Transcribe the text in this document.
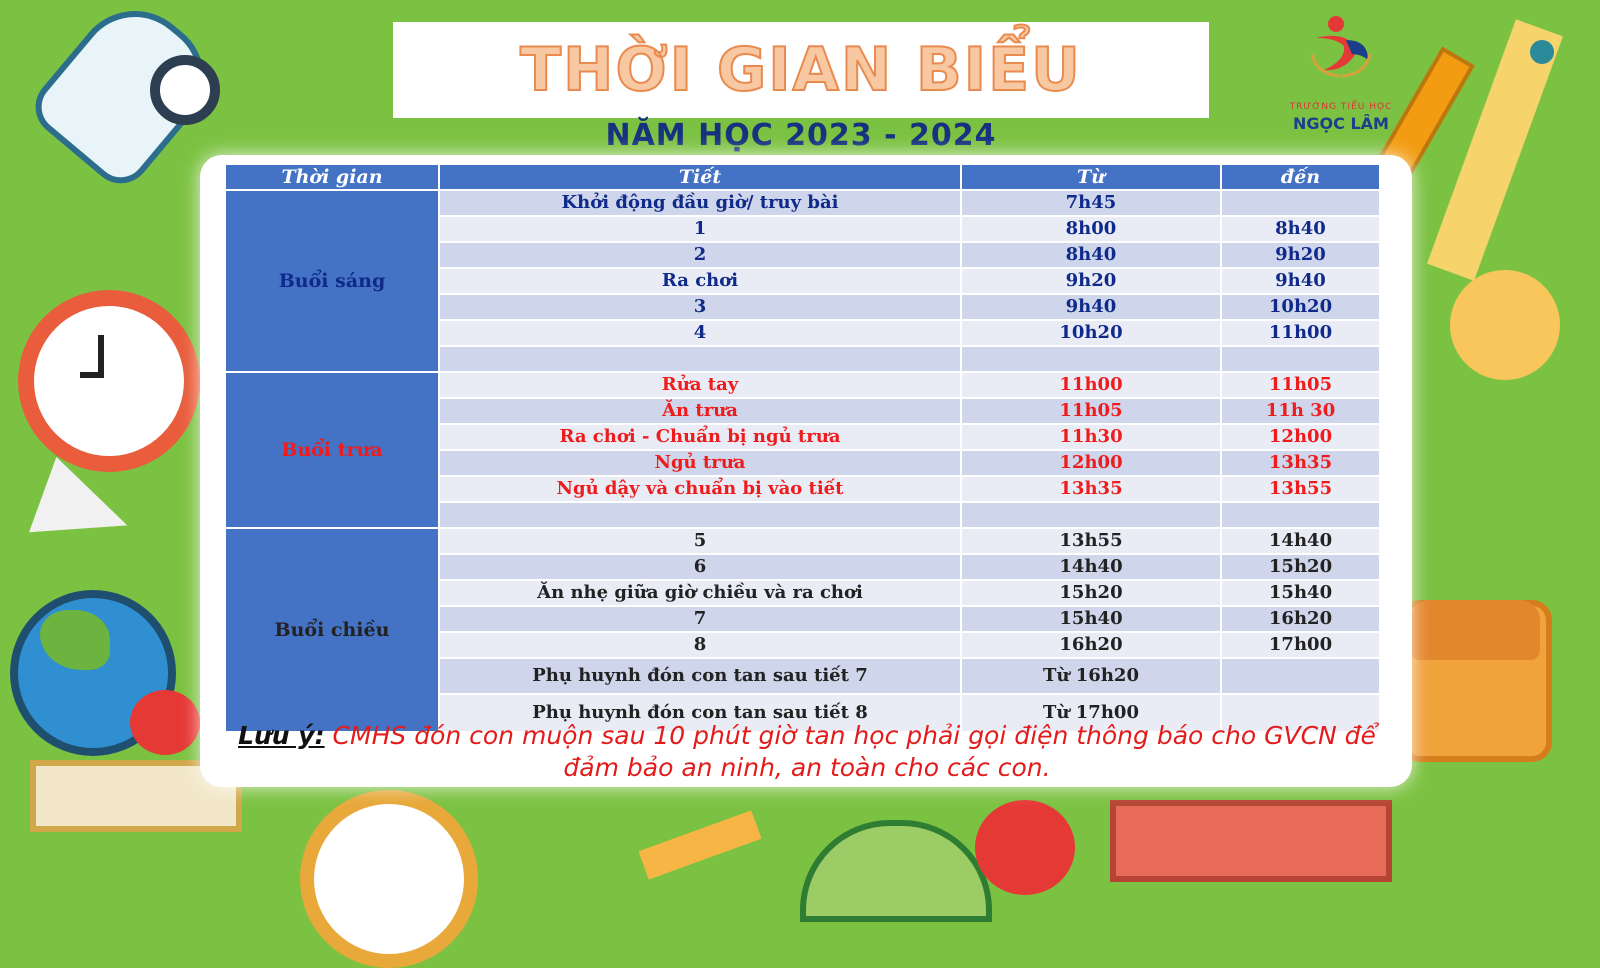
THỜI GIAN BIỂU
NĂM HỌC 2023 - 2024
TRƯỜNG TIỂU HỌC
NGỌC LÂM
Thời gian	Tiết	Từ	đến
Buổi sáng	Khởi động đầu giờ/ truy bài	7h45	
	1	8h00	8h40
	2	8h40	9h20
	Ra chơi	9h20	9h40
	3	9h40	10h20
	4	10h20	11h00

Buổi trưa	Rửa tay	11h00	11h05
	Ăn trưa	11h05	11h 30
	Ra chơi - Chuẩn bị ngủ trưa	11h30	12h00
	Ngủ trưa	12h00	13h35
	Ngủ dậy và chuẩn bị vào tiết	13h35	13h55

Buổi chiều	5	13h55	14h40
	6	14h40	15h20
	Ăn nhẹ giữa giờ chiều và ra chơi	15h20	15h40
	7	15h40	16h20
	8	16h20	17h00
	Phụ huynh đón con tan sau tiết 7	Từ 16h20	
	Phụ huynh đón con tan sau tiết 8	Từ 17h00	
Lưu ý: CMHS đón con muộn sau 10 phút giờ tan học phải gọi điện thông báo cho GVCN để đảm bảo an ninh, an toàn cho các con.
